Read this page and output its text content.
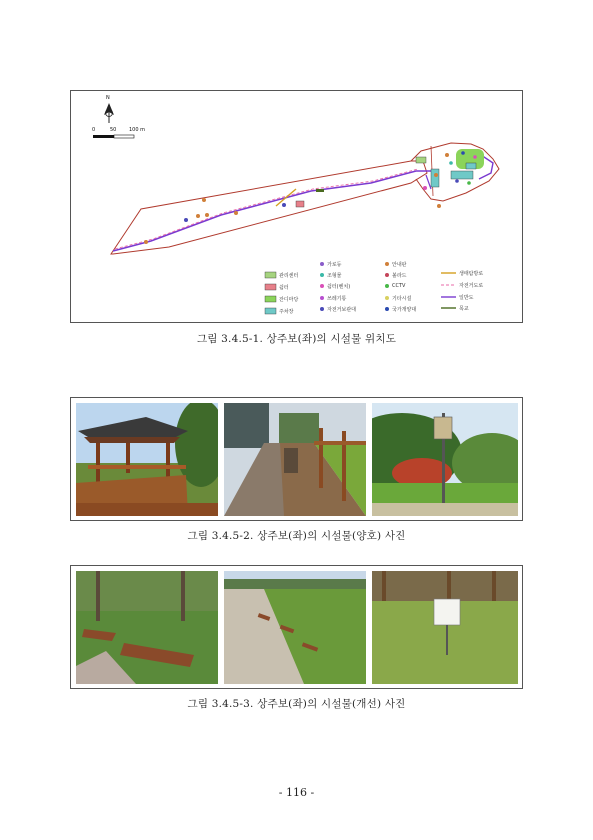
N
0	50	100 m
관리센터
쉼터
잔디마당
주차장
가로등
조형물
쉼터(벤치)
쓰레기통
자전거보관대
안내판
볼라드
CCTV
기타시설
국가개양대
생태탐방로
자전거도로
일반도
목교
그림 3.4.5-1. 상주보(좌)의 시설물 위치도
그림 3.4.5-2. 상주보(좌)의 시설물(양호) 사진
그림 3.4.5-3. 상주보(좌)의 시설물(개선) 사진
- 116 -
